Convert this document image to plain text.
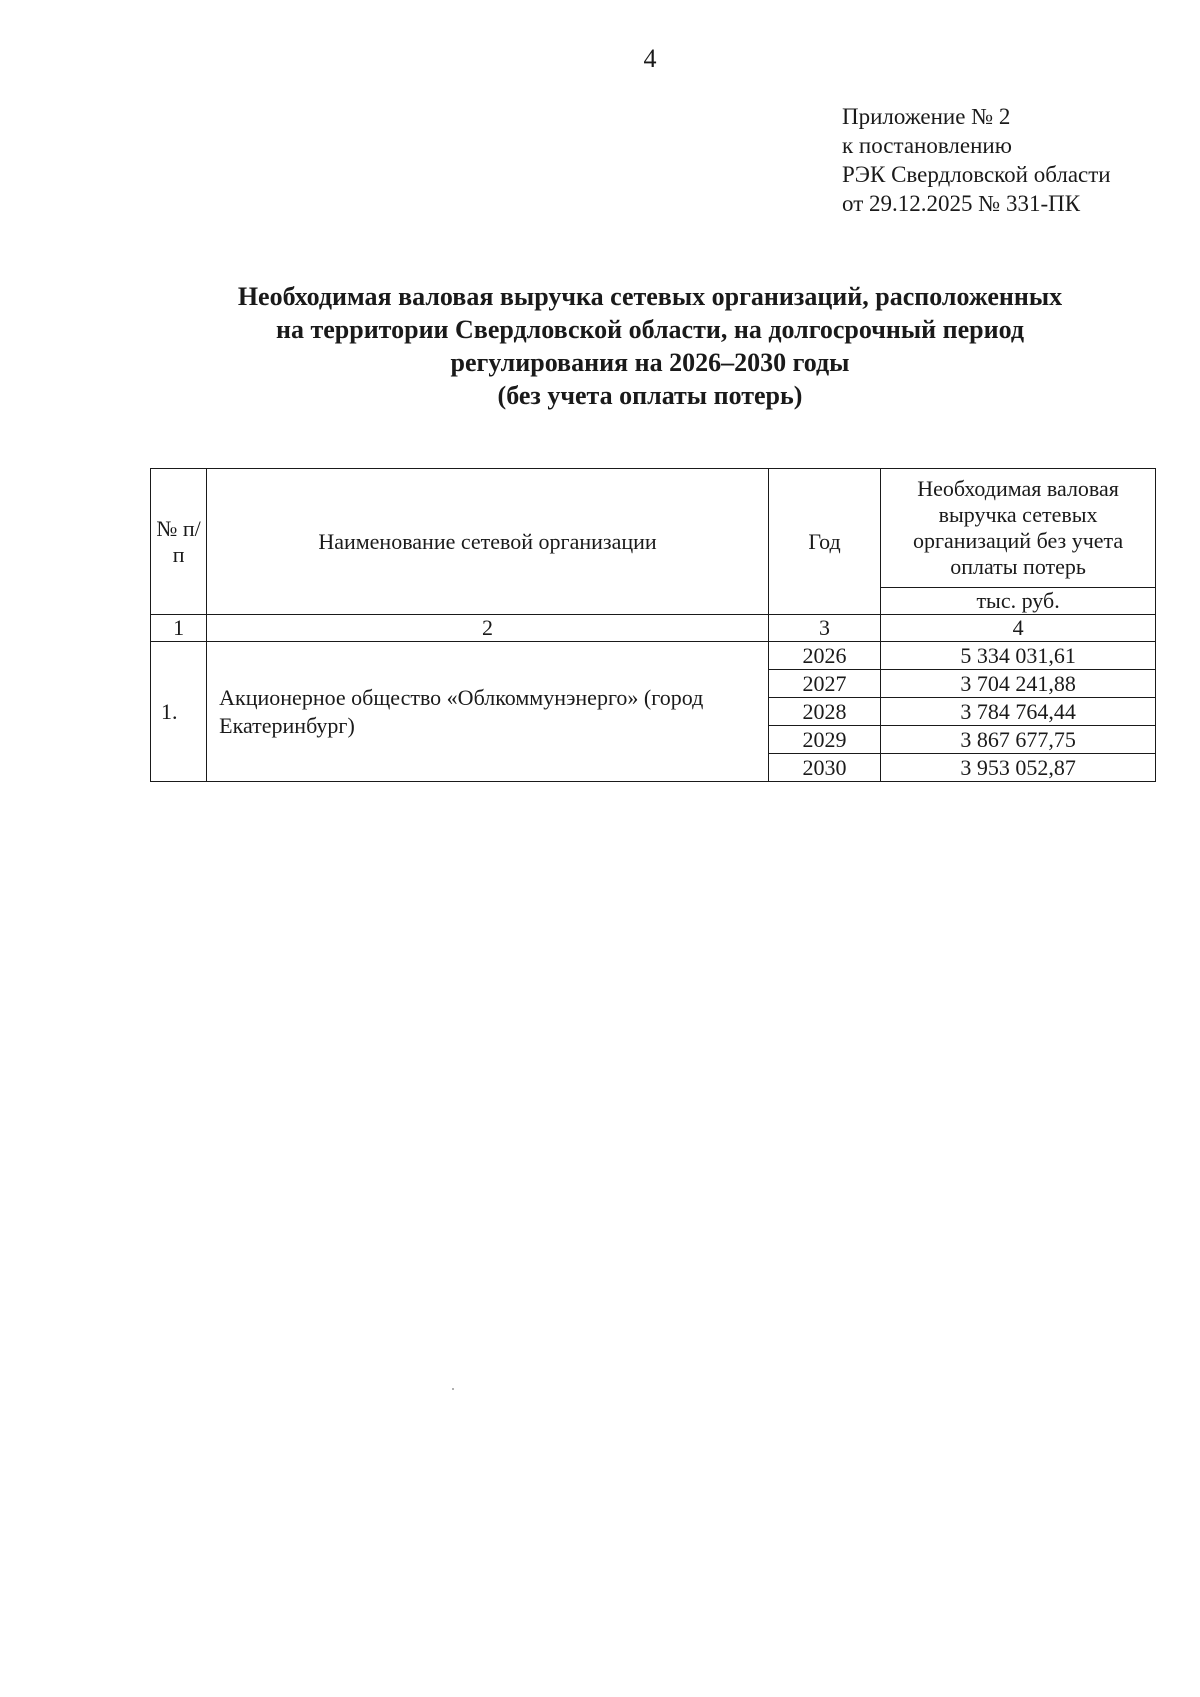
4
Приложение № 2
к постановлению
РЭК Свердловской области
от 29.12.2025 № 331-ПК
Необходимая валовая выручка сетевых организаций, расположенных
на территории Свердловской области, на долгосрочный период
регулирования на 2026–2030 годы
(без учета оплаты потерь)
№ п/п	Наименование сетевой организации	Год	Необходимая валовая выручка сетевых организаций без учета оплаты потерь
			тыс. руб.
1	2	3	4
1.	Акционерное общество «Облкоммунэнерго» (город Екатеринбург)	2026	5 334 031,61
		2027	3 704 241,88
		2028	3 784 764,44
		2029	3 867 677,75
		2030	3 953 052,87
